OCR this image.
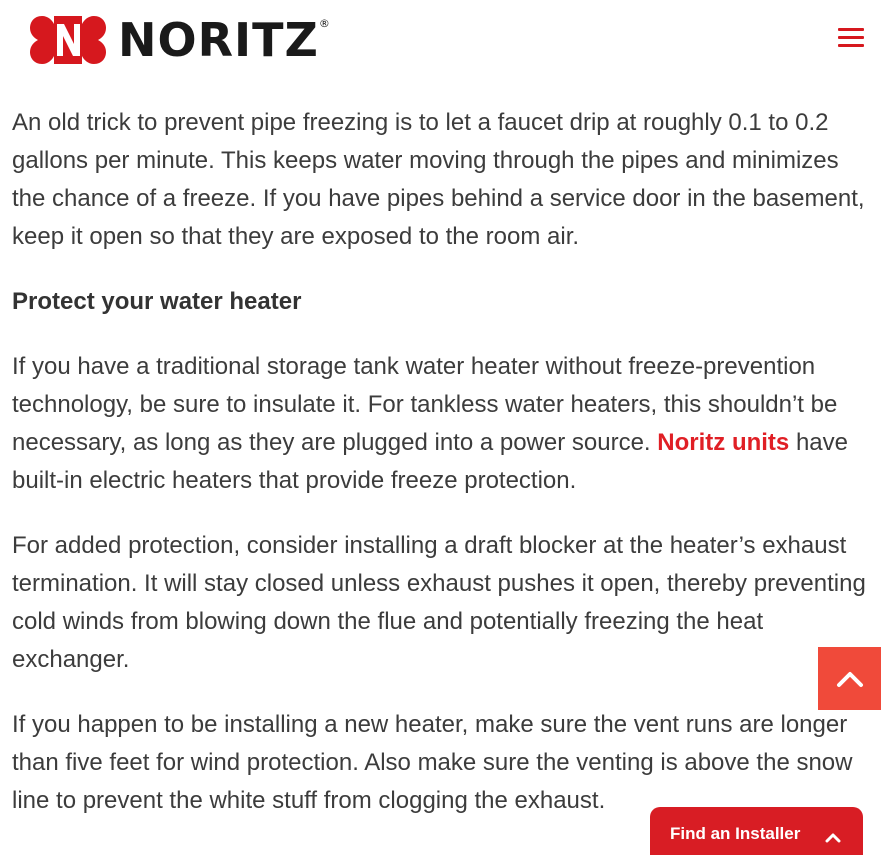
NORITZ®

An old trick to prevent pipe freezing is to let a faucet drip at roughly 0.1 to 0.2 gallons per minute. This keeps water moving through the pipes and minimizes the chance of a freeze. If you have pipes behind a service door in the basement, keep it open so that they are exposed to the room air.

Protect your water heater

If you have a traditional storage tank water heater without freeze-prevention technology, be sure to insulate it. For tankless water heaters, this shouldn’t be necessary, as long as they are plugged into a power source. Noritz units have built-in electric heaters that provide freeze protection.

For added protection, consider installing a draft blocker at the heater’s exhaust termination. It will stay closed unless exhaust pushes it open, thereby preventing cold winds from blowing down the flue and potentially freezing the heat exchanger.

If you happen to be installing a new heater, make sure the vent runs are longer than five feet for wind protection. Also make sure the venting is above the snow line to prevent the white stuff from clogging the exhaust.

Find an Installer
